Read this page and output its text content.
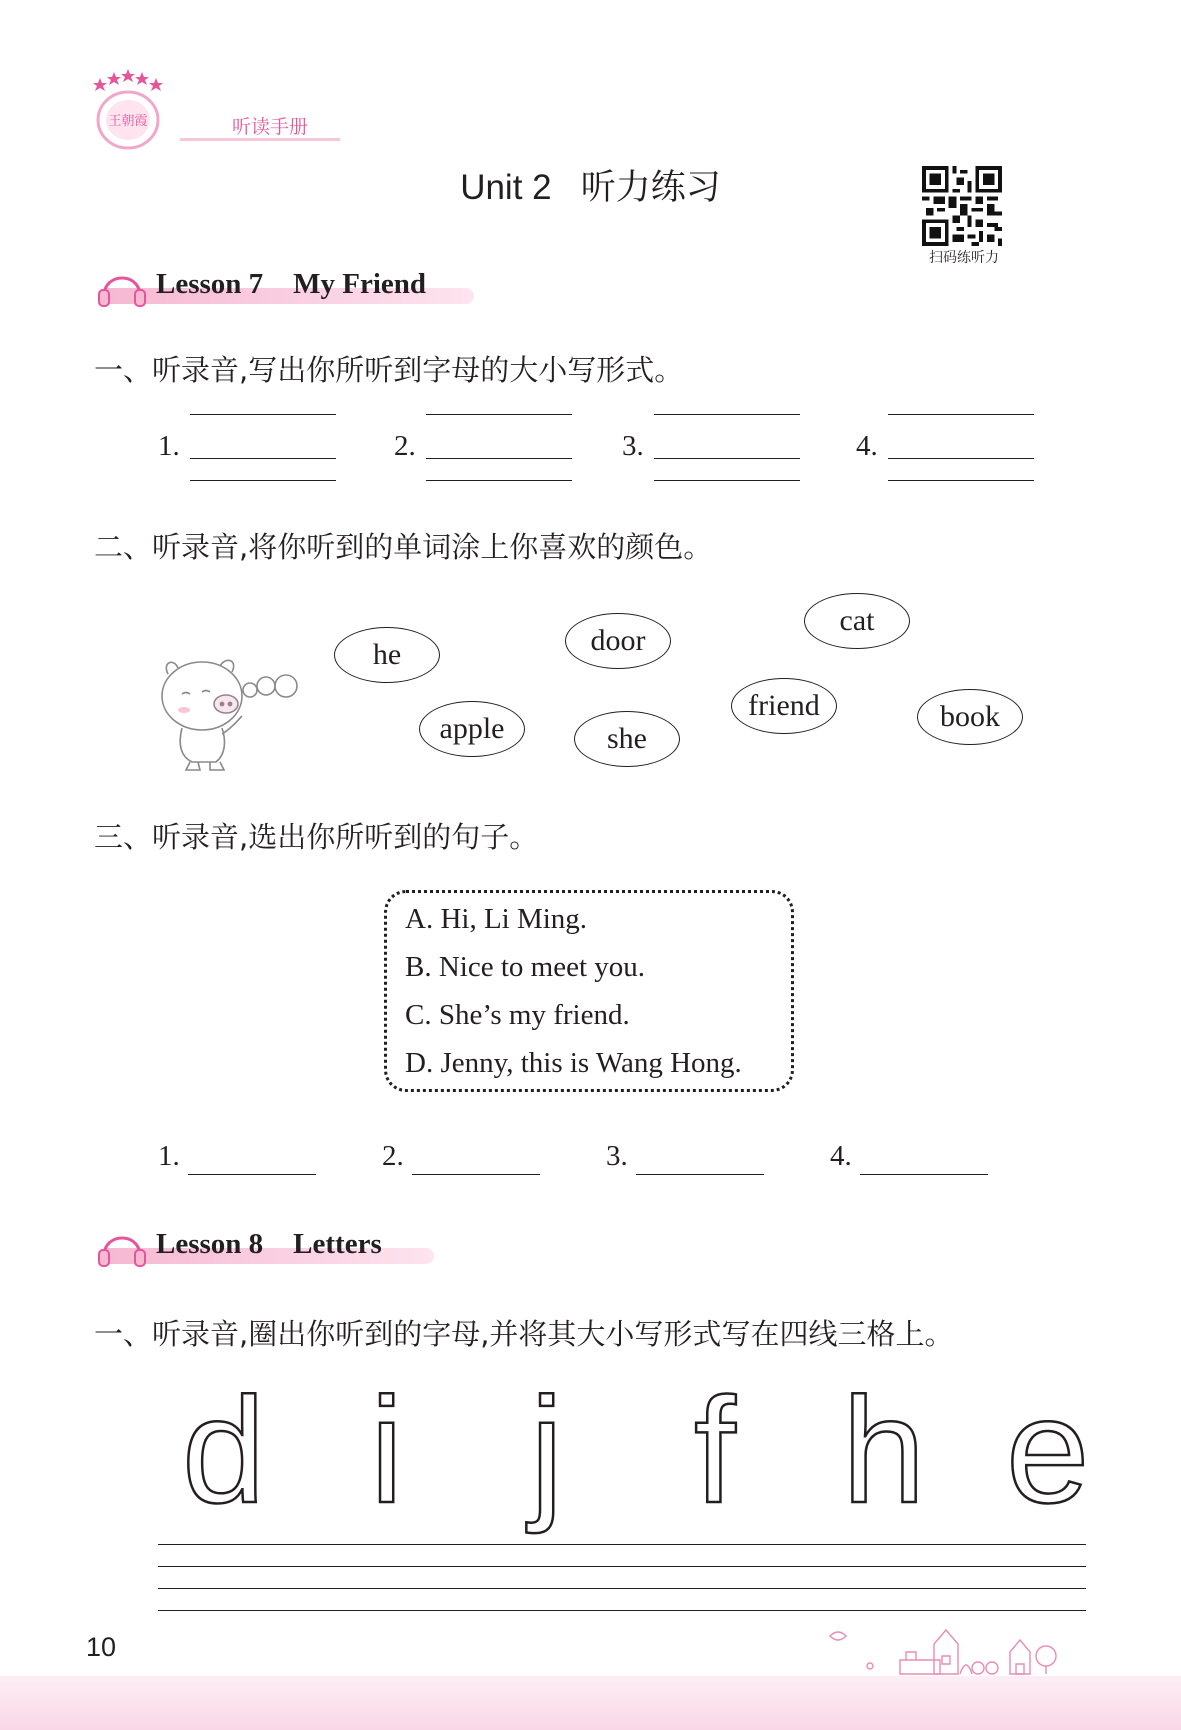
王朝霞	听读手册
Unit 2   听力练习
扫码练听力
Lesson 7 My Friend
一、听录音,写出你所听到字母的大小写形式。
1.	2.	3.	4.
二、听录音,将你听到的单词涂上你喜欢的颜色。
he	door
cat
apple	she
friend	book
三、听录音,选出你所听到的句子。
A. Hi, Li Ming.
B. Nice to meet you.
C. She’s my friend.
D. Jenny, this is Wang Hong.
1.	2.	3.	4.
Lesson 8 Letters
一、听录音,圈出你听到的字母,并将其大小写形式写在四线三格上。
d i j f h e
10
